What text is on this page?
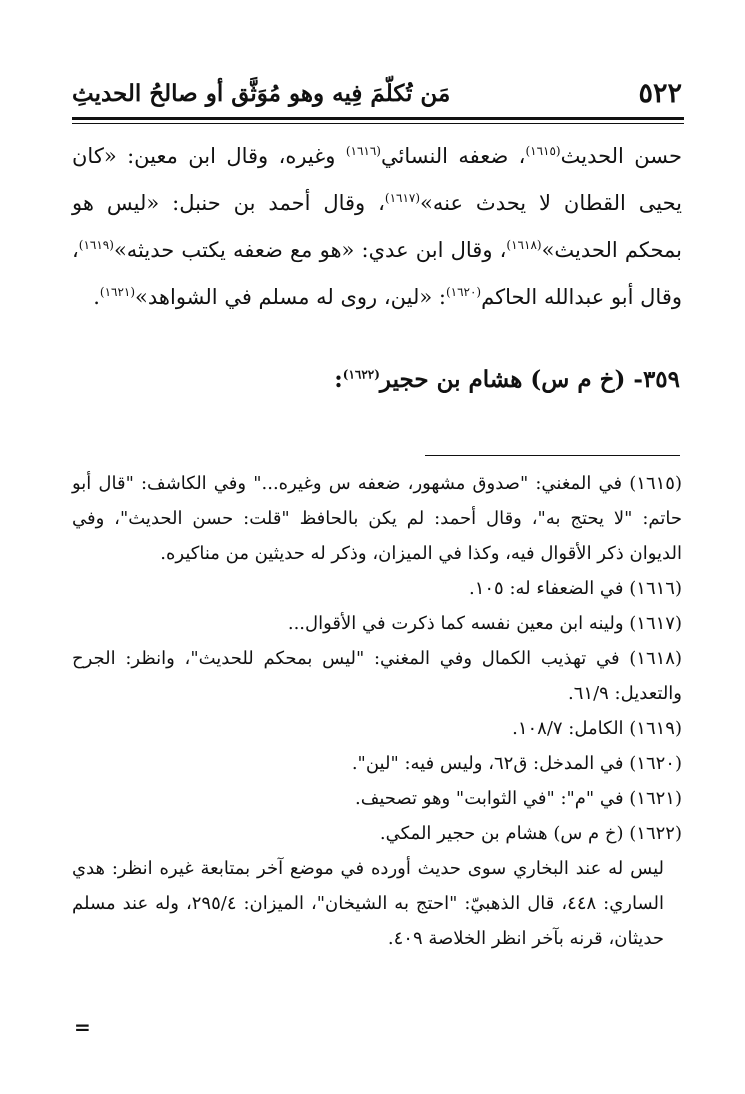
٥٢٢
مَن تُكلّمَ فِيه وهو مُوَثَّق أو صالحُ الحديثِ

حسن الحديث$^{(١٦١٥)}$، ضعفه النسائي$^{(١٦١٦)}$ وغيره، وقال ابن معين: «كان يحيى القطان لا يحدث عنه»$^{(١٦١٧)}$، وقال أحمد بن حنبل: «ليس هو بمحكم الحديث»$^{(١٦١٨)}$، وقال ابن عدي: «هو مع ضعفه يكتب حديثه»$^{(١٦١٩)}$، وقال أبو عبدالله الحاكم$^{(١٦٢٠)}$: «لين، روى له مسلم في الشواهد»$^{(١٦٢١)}$.

٣٥٩- (خ م س) هشام بن حجير$^{(١٦٢٢)}$:

(١٦١٥) في المغني: "صدوق مشهور، ضعفه س وغيره..." وفي الكاشف: "قال أبو حاتم: "لا يحتج به"، وقال أحمد: لم يكن بالحافظ "قلت: حسن الحديث"، وفي الديوان ذكر الأقوال فيه، وكذا في الميزان، وذكر له حديثين من مناكيره.

(١٦١٦) في الضعفاء له: ١٠٥.

(١٦١٧) ولينه ابن معين نفسه كما ذكرت في الأقوال...

(١٦١٨) في تهذيب الكمال وفي المغني: "ليس بمحكم للحديث"، وانظر: الجرح والتعديل: ٦١/٩.

(١٦١٩) الكامل: ١٠٨/٧.

(١٦٢٠) في المدخل: ق٦٢، وليس فيه: "لين".

(١٦٢١) في "م": "في الثوابت" وهو تصحيف.

(١٦٢٢) (خ م س) هشام بن حجير المكي.

ليس له عند البخاري سوى حديث أورده في موضع آخر بمتابعة غيره انظر: هدي الساري: ٤٤٨، قال الذهبيّ: "احتج به الشيخان"، الميزان: ٢٩٥/٤، وله عند مسلم حديثان، قرنه بآخر انظر الخلاصة ٤٠٩.

=
